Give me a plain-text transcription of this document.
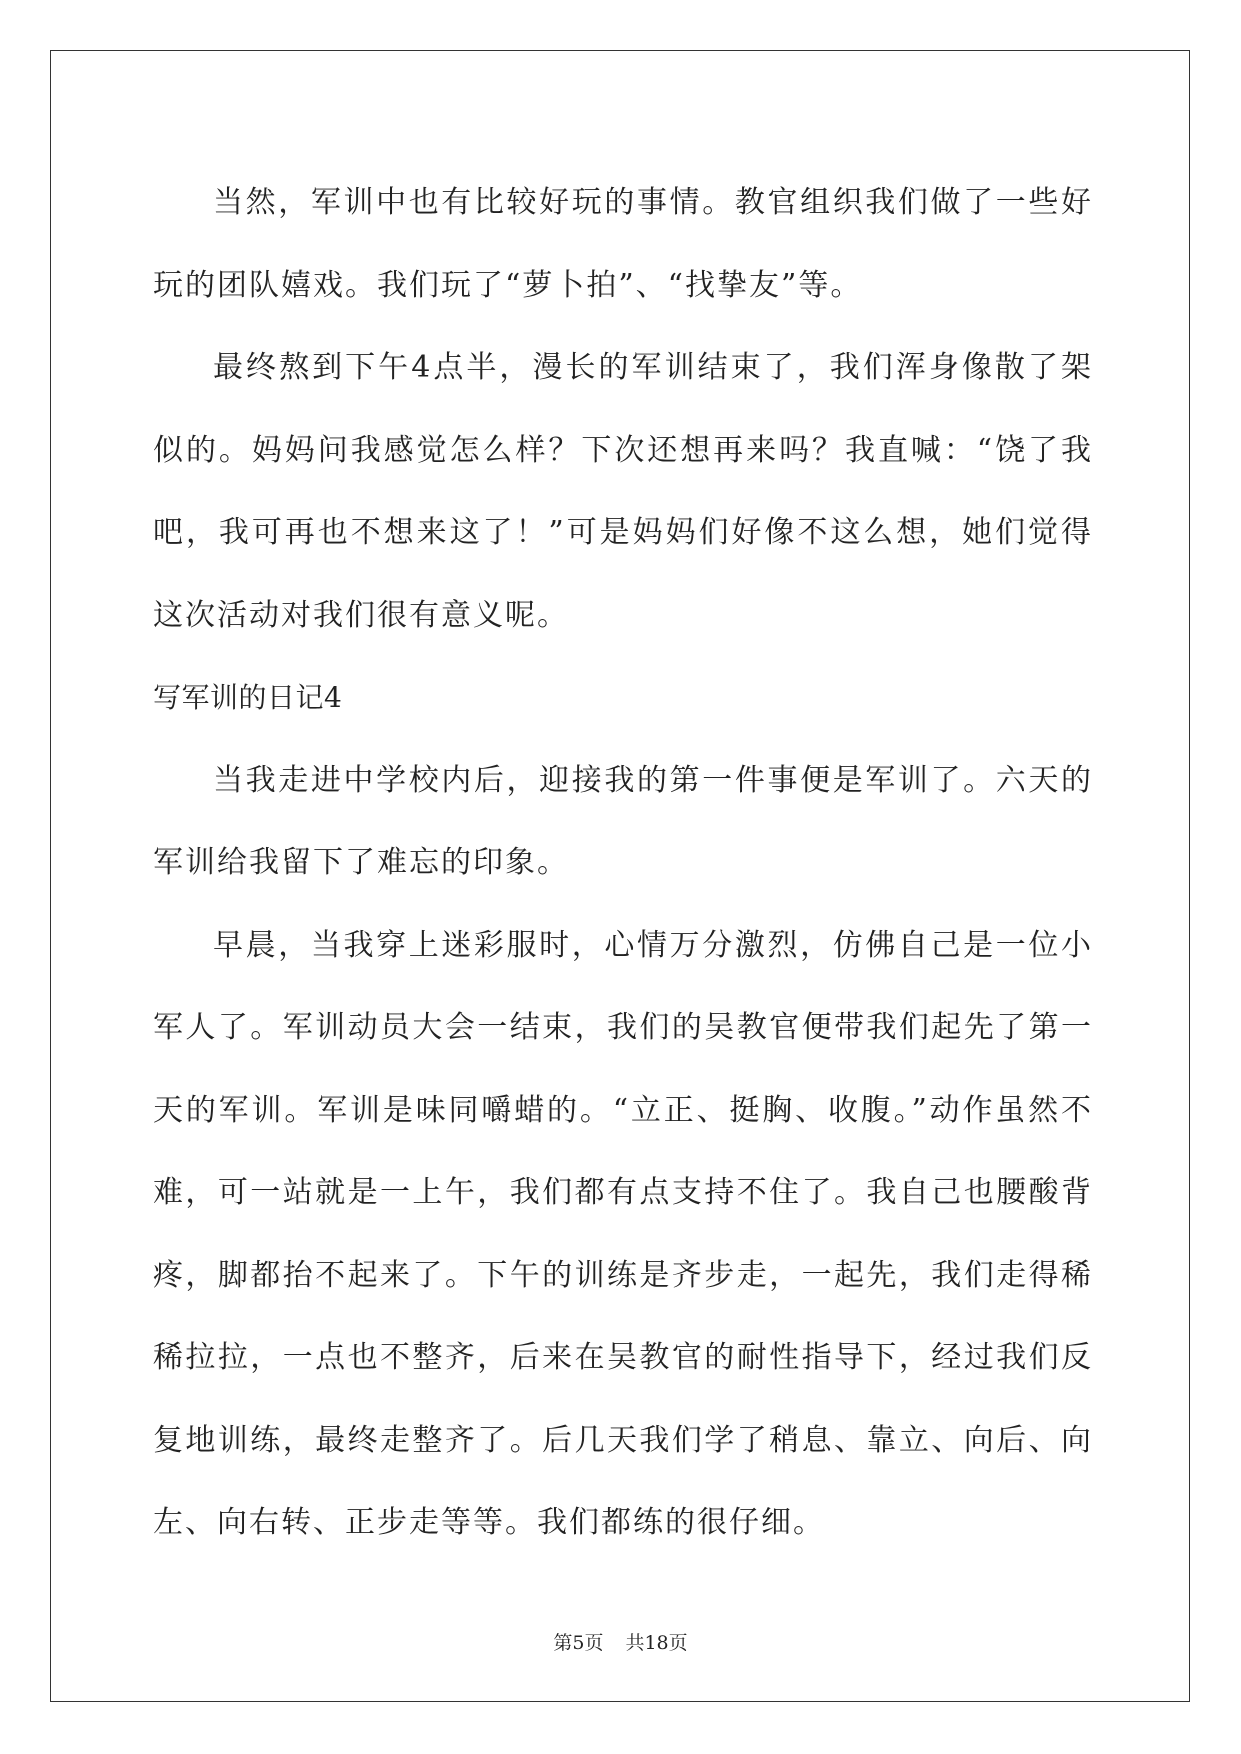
当然，军训中也有比较好玩的事情。教官组织我们做了一些好玩的团队嬉戏。我们玩了“萝卜拍”、“找挚友”等。

最终熬到下午4点半，漫长的军训结束了，我们浑身像散了架似的。妈妈问我感觉怎么样？下次还想再来吗？我直喊：“饶了我吧，我可再也不想来这了！”可是妈妈们好像不这么想，她们觉得这次活动对我们很有意义呢。

写军训的日记4

当我走进中学校内后，迎接我的第一件事便是军训了。六天的军训给我留下了难忘的印象。

早晨，当我穿上迷彩服时，心情万分激烈，仿佛自己是一位小军人了。军训动员大会一结束，我们的吴教官便带我们起先了第一天的军训。军训是味同嚼蜡的。“立正、挺胸、收腹。”动作虽然不难，可一站就是一上午，我们都有点支持不住了。我自己也腰酸背疼，脚都抬不起来了。下午的训练是齐步走，一起先，我们走得稀稀拉拉，一点也不整齐，后来在吴教官的耐性指导下，经过我们反复地训练，最终走整齐了。后几天我们学了稍息、靠立、向后、向左、向右转、正步走等等。我们都练的很仔细。

第5页 共18页
